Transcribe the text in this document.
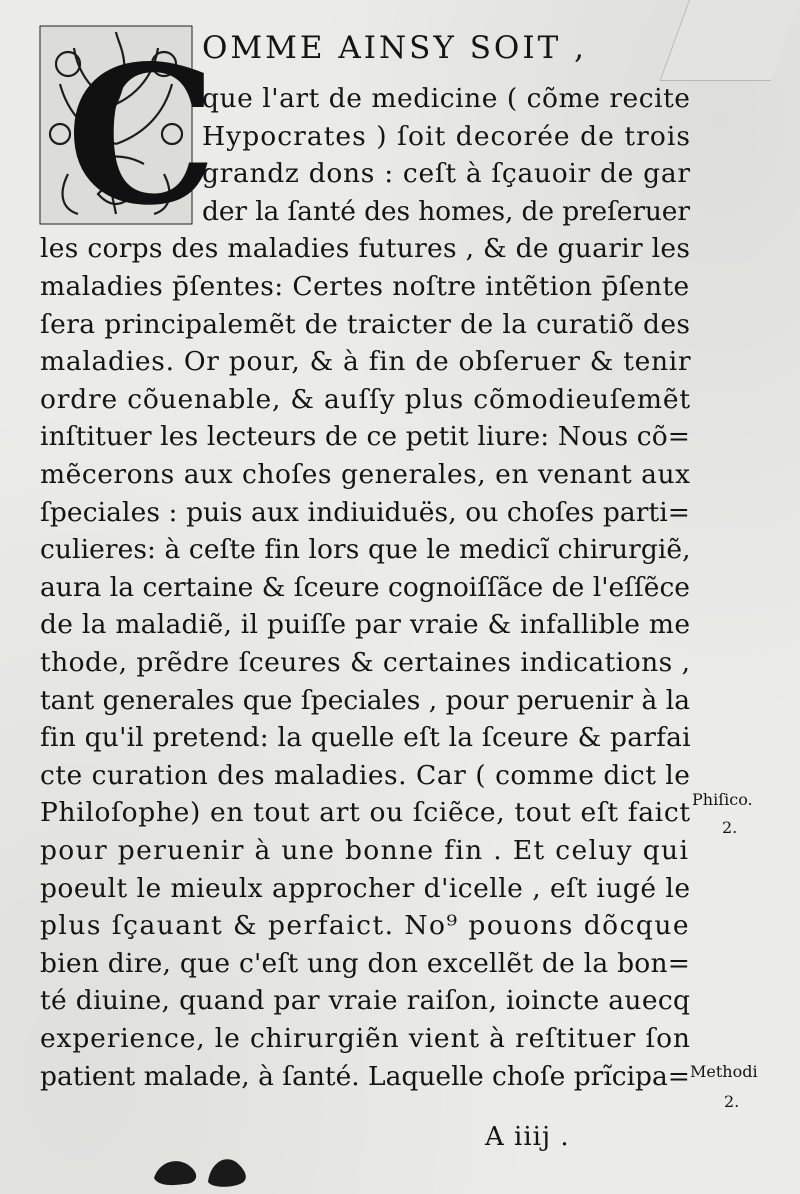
C
OMME AINSY SOIT ,
que l'art de medicine ( cõme recite
Hypocrates ) ſoit decorée de trois
grandz dons : ceſt à ſçauoir de gar
der la ſanté des homes, de preſeruer
les corps des maladies futures , & de guarir les
maladies p̄ſentes: Certes noſtre intẽtion p̄ſente
ſera principalemẽt de traicter de la curatiõ des
maladies. Or pour, & à fin de obſeruer & tenir
ordre cõuenable, & auſſy plus cõmodieuſemẽt
inſtituer les lecteurs de ce petit liure: Nous cõ=
mẽcerons aux choſes generales, en venant aux
ſpeciales : puis aux indiuiduës, ou choſes parti=
culieres: à ceſte fin lors que le medicĩ chirurgiẽ,
aura la certaine & ſceure cognoiſſãce de l'eſſẽce
de la maladiẽ, il puiſſe par vraie & infallible me
thode, prẽdre ſceures & certaines indications ,
tant generales que ſpeciales , pour peruenir à la
fin qu'il pretend: la quelle eſt la ſceure & parfai
cte curation des maladies. Car ( comme dict le
Philoſophe) en tout art ou ſciẽce, tout eſt faict
pour peruenir à une bonne fin . Et celuy qui
poeult le mieulx approcher d'icelle , eſt iugé le
plus ſçauant & perfaict. No⁹ pouons dõcque
bien dire, que c'eſt ung don excellẽt de la bon=
té diuine, quand par vraie raiſon, ioincte auecq
experience, le chirurgiẽn vient à reſtituer ſon
patient malade, à ſanté. Laquelle choſe prĩcipa=
Phiſico.
2.
Methodi
2.
A iiij .
